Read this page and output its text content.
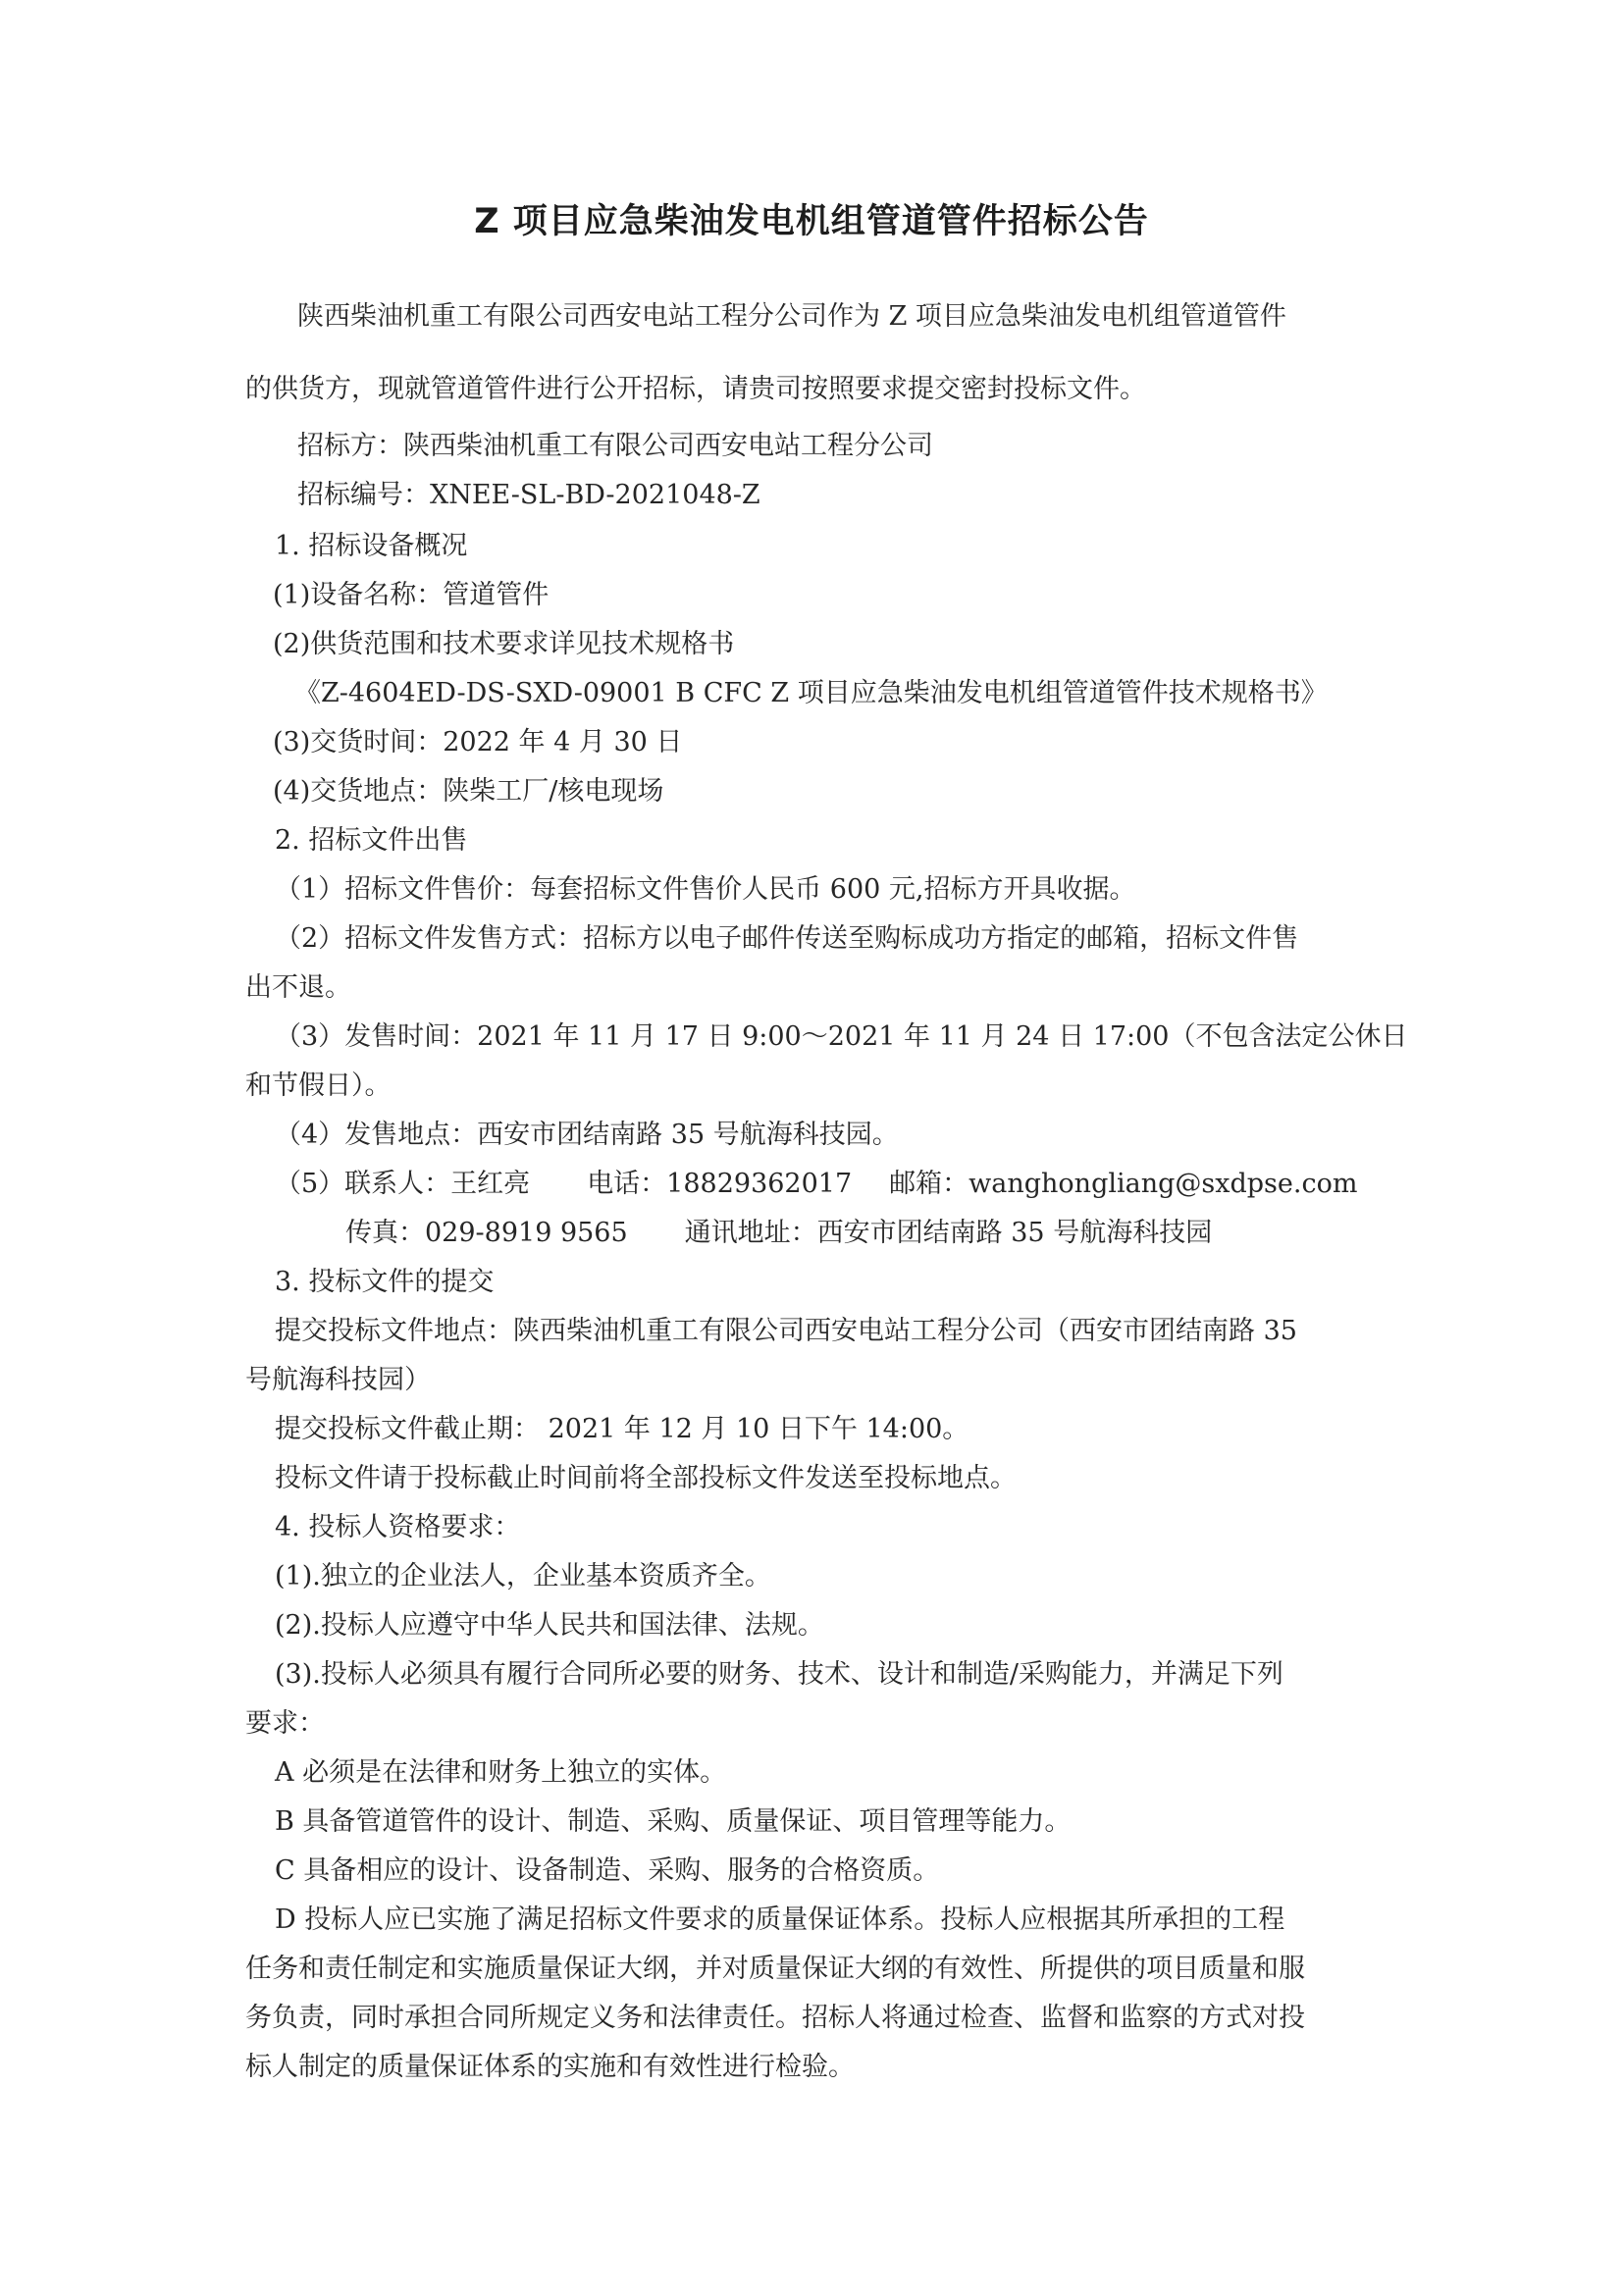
Z 项目应急柴油发电机组管道管件招标公告
陕西柴油机重工有限公司西安电站工程分公司作为 Z 项目应急柴油发电机组管道管件
的供货方，现就管道管件进行公开招标，请贵司按照要求提交密封投标文件。
招标方：陕西柴油机重工有限公司西安电站工程分公司
招标编号：XNEE-SL-BD-2021048-Z
1. 招标设备概况
(1)设备名称：管道管件
(2)供货范围和技术要求详见技术规格书
《Z-4604ED-DS-SXD-09001 B CFC Z 项目应急柴油发电机组管道管件技术规格书》
(3)交货时间：2022 年 4 月 30 日
(4)交货地点：陕柴工厂/核电现场
2. 招标文件出售
（1）招标文件售价：每套招标文件售价人民币 600 元,招标方开具收据。
（2）招标文件发售方式：招标方以电子邮件传送至购标成功方指定的邮箱，招标文件售
出不退。
（3）发售时间：2021 年 11 月 17 日 9:00～2021 年 11 月 24 日 17:00（不包含法定公休日
和节假日）。
（4）发售地点：西安市团结南路 35 号航海科技园。
（5）联系人：王红亮 电话：18829362017 邮箱：wanghongliang@sxdpse.com
传真：029-8919 9565 通讯地址：西安市团结南路 35 号航海科技园
3. 投标文件的提交
提交投标文件地点：陕西柴油机重工有限公司西安电站工程分公司（西安市团结南路 35
号航海科技园）
提交投标文件截止期： 2021 年 12 月 10 日下午 14:00。
投标文件请于投标截止时间前将全部投标文件发送至投标地点。
4. 投标人资格要求：
(1).独立的企业法人，企业基本资质齐全。
(2).投标人应遵守中华人民共和国法律、法规。
(3).投标人必须具有履行合同所必要的财务、技术、设计和制造/采购能力，并满足下列
要求：
A 必须是在法律和财务上独立的实体。
B 具备管道管件的设计、制造、采购、质量保证、项目管理等能力。
C 具备相应的设计、设备制造、采购、服务的合格资质。
D 投标人应已实施了满足招标文件要求的质量保证体系。投标人应根据其所承担的工程
任务和责任制定和实施质量保证大纲，并对质量保证大纲的有效性、所提供的项目质量和服
务负责，同时承担合同所规定义务和法律责任。招标人将通过检查、监督和监察的方式对投
标人制定的质量保证体系的实施和有效性进行检验。
